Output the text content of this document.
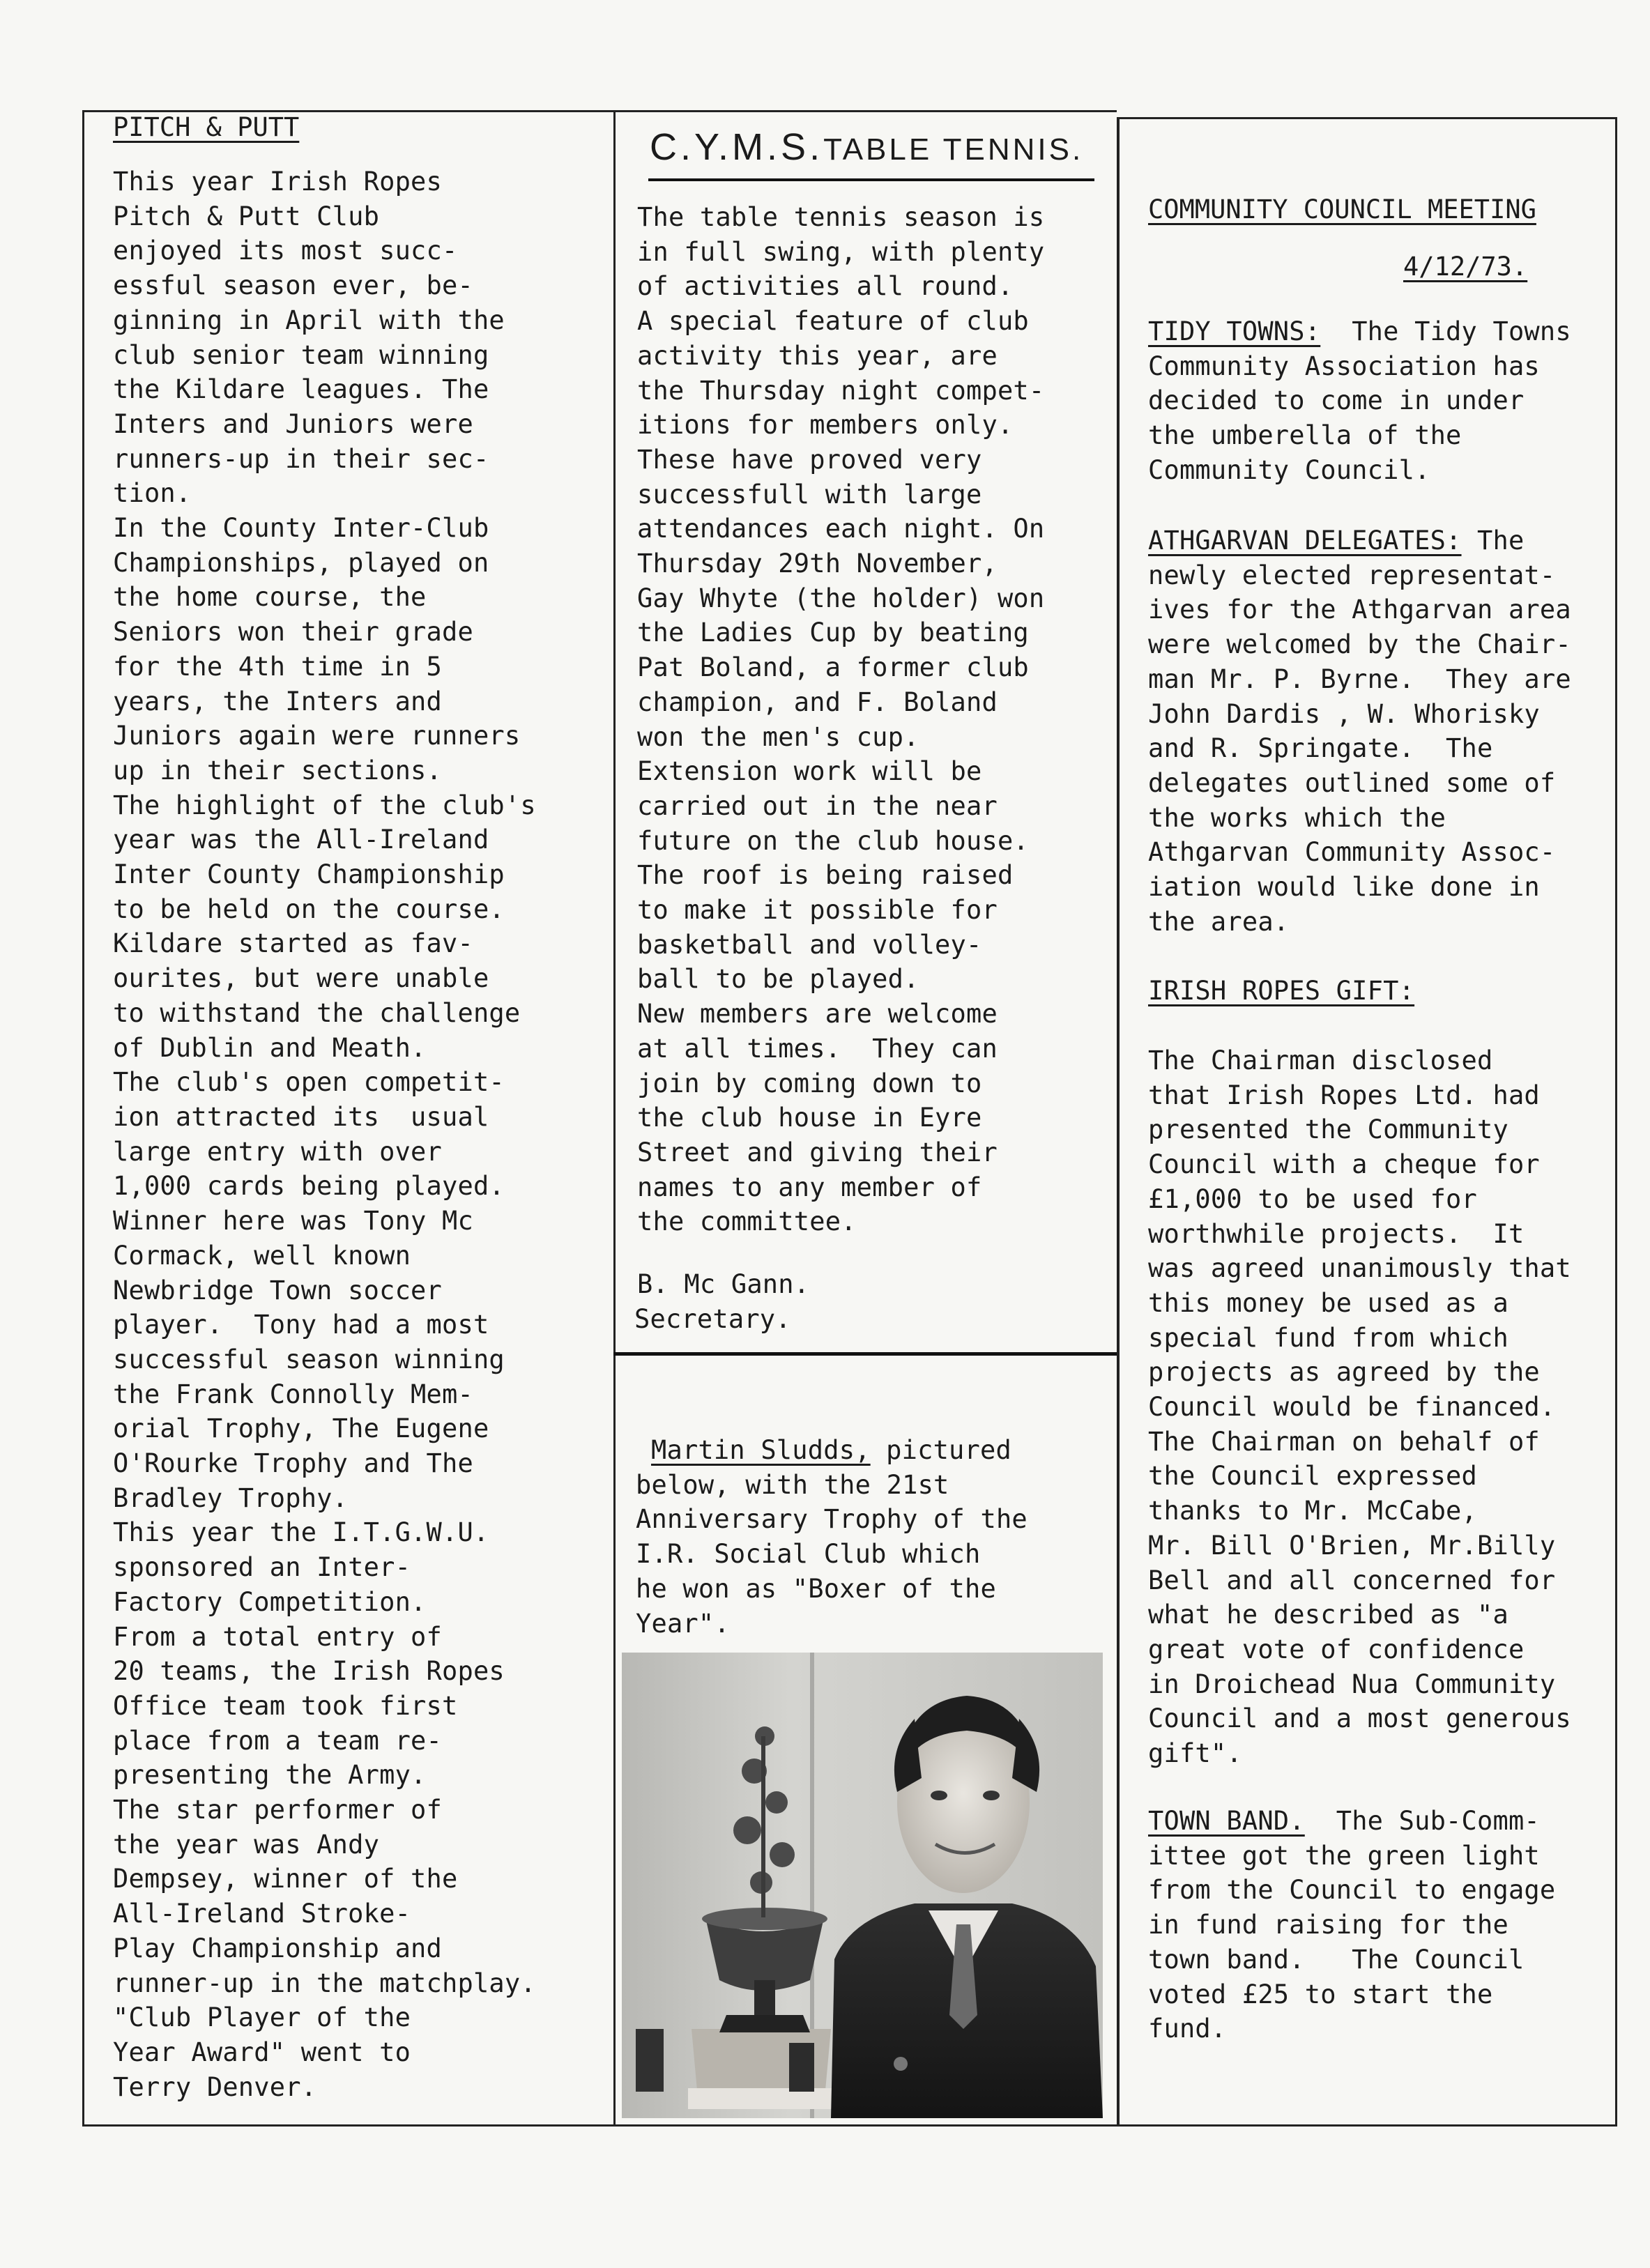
PITCH & PUTT
This year Irish Ropes
Pitch & Putt Club
enjoyed its most succ-
essful season ever, be-
ginning in April with the
club senior team winning
the Kildare leagues. The
Inters and Juniors were
runners-up in their sec-
tion.
In the County Inter-Club
Championships, played on
the home course, the
Seniors won their grade
for the 4th time in 5
years, the Inters and
Juniors again were runners
up in their sections.
The highlight of the club's
year was the All-Ireland
Inter County Championship
to be held on the course.
Kildare started as fav-
ourites, but were unable
to withstand the challenge
of Dublin and Meath.
The club's open competit-
ion attracted its  usual
large entry with over
1,000 cards being played.
Winner here was Tony Mc
Cormack, well known
Newbridge Town soccer
player.  Tony had a most
successful season winning
the Frank Connolly Mem-
orial Trophy, The Eugene
O'Rourke Trophy and The
Bradley Trophy.
This year the I.T.G.W.U.
sponsored an Inter-
Factory Competition.
From a total entry of
20 teams, the Irish Ropes
Office team took first
place from a team re-
presenting the Army.
The star performer of
the year was Andy
Dempsey, winner of the
All-Ireland Stroke-
Play Championship and
runner-up in the matchplay.
"Club Player of the
Year Award" went to
Terry Denver.
C.Y.M.S.TABLE TENNIS.
The table tennis season is
in full swing, with plenty
of activities all round.
A special feature of club
activity this year, are
the Thursday night compet-
itions for members only.
These have proved very
successfull with large
attendances each night. On
Thursday 29th November,
Gay Whyte (the holder) won
the Ladies Cup by beating
Pat Boland, a former club
champion, and F. Boland
won the men's cup.
Extension work will be
carried out in the near
future on the club house.
The roof is being raised
to make it possible for
basketball and volley-
ball to be played.
New members are welcome
at all times.  They can
join by coming down to
the club house in Eyre
Street and giving their
names to any member of
the committee.
B. Mc Gann.
Secretary.
Martin Sludds, pictured
below, with the 21st
Anniversary Trophy of the
I.R. Social Club which
he won as "Boxer of the
Year".
COMMUNITY COUNCIL MEETING
4/12/73.
TIDY TOWNS:  The Tidy Towns
Community Association has
decided to come in under
the umberella of the
Community Council.
ATHGARVAN DELEGATES: The
newly elected representat-
ives for the Athgarvan area
were welcomed by the Chair-
man Mr. P. Byrne.  They are
John Dardis , W. Whorisky
and R. Springate.  The
delegates outlined some of
the works which the
Athgarvan Community Assoc-
iation would like done in
the area.
IRISH ROPES GIFT:
The Chairman disclosed
that Irish Ropes Ltd. had
presented the Community
Council with a cheque for
£1,000 to be used for
worthwhile projects.  It
was agreed unanimously that
this money be used as a
special fund from which
projects as agreed by the
Council would be financed.
The Chairman on behalf of
the Council expressed
thanks to Mr. McCabe,
Mr. Bill O'Brien, Mr.Billy
Bell and all concerned for
what he described as "a
great vote of confidence
in Droichead Nua Community
Council and a most generous
gift".
TOWN BAND.  The Sub-Comm-
ittee got the green light
from the Council to engage
in fund raising for the
town band.   The Council
voted £25 to start the
fund.
